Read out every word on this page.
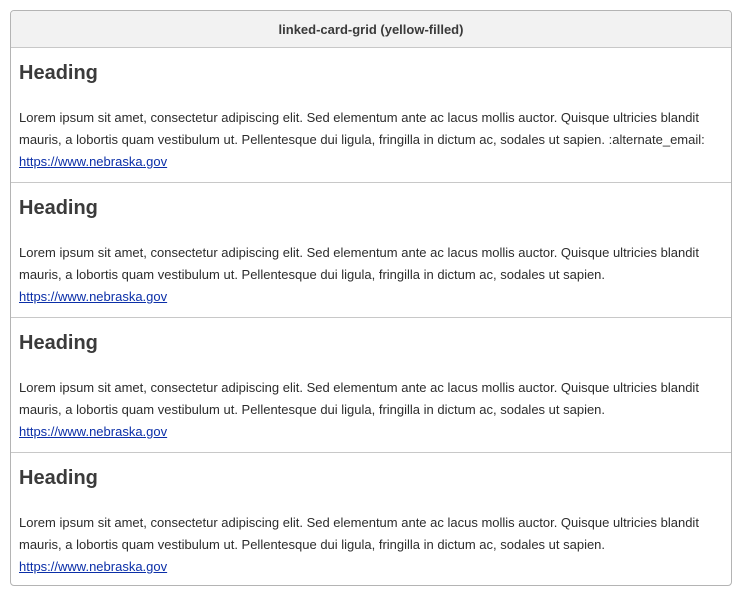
linked-card-grid (yellow-filled)
Heading

Lorem ipsum sit amet, consectetur adipiscing elit. Sed elementum ante ac lacus mollis auctor. Quisque ultricies blandit mauris, a lobortis quam vestibulum ut. Pellentesque dui ligula, fringilla in dictum ac, sodales ut sapien. :alternate_email:

https://www.nebraska.gov
Heading

Lorem ipsum sit amet, consectetur adipiscing elit. Sed elementum ante ac lacus mollis auctor. Quisque ultricies blandit mauris, a lobortis quam vestibulum ut. Pellentesque dui ligula, fringilla in dictum ac, sodales ut sapien.

https://www.nebraska.gov
Heading

Lorem ipsum sit amet, consectetur adipiscing elit. Sed elementum ante ac lacus mollis auctor. Quisque ultricies blandit mauris, a lobortis quam vestibulum ut. Pellentesque dui ligula, fringilla in dictum ac, sodales ut sapien.

https://www.nebraska.gov
Heading

Lorem ipsum sit amet, consectetur adipiscing elit. Sed elementum ante ac lacus mollis auctor. Quisque ultricies blandit mauris, a lobortis quam vestibulum ut. Pellentesque dui ligula, fringilla in dictum ac, sodales ut sapien.

https://www.nebraska.gov
